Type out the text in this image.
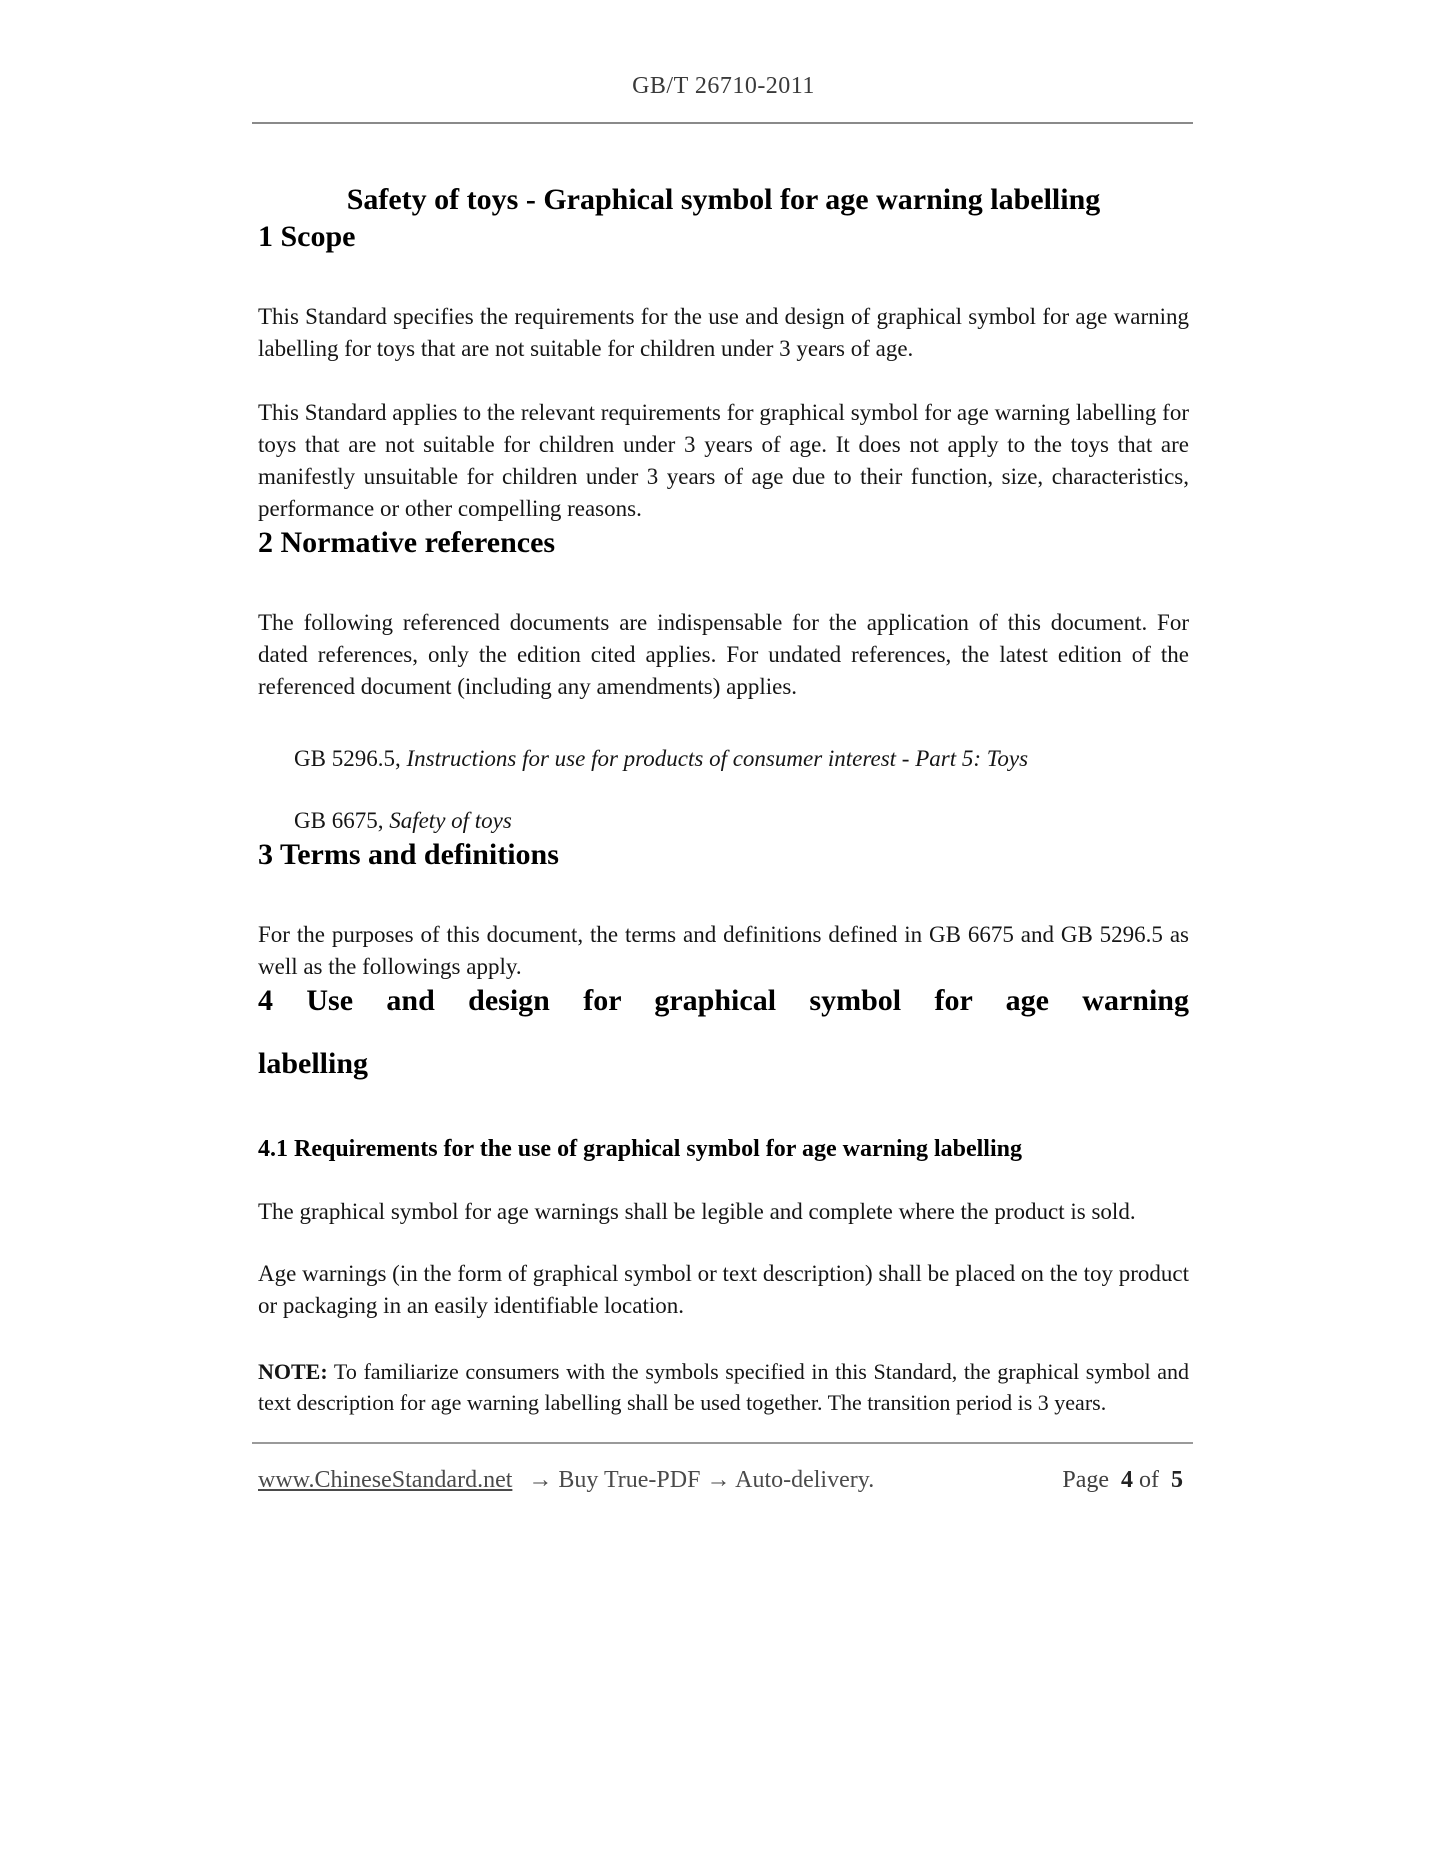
GB/T 26710-2011
Safety of toys - Graphical symbol for age warning labelling
1 Scope

This Standard specifies the requirements for the use and design of graphical symbol for age warning labelling for toys that are not suitable for children under 3 years of age.

This Standard applies to the relevant requirements for graphical symbol for age warning labelling for toys that are not suitable for children under 3 years of age. It does not apply to the toys that are manifestly unsuitable for children under 3 years of age due to their function, size, characteristics, performance or other compelling reasons.

2 Normative references

The following referenced documents are indispensable for the application of this document. For dated references, only the edition cited applies. For undated references, the latest edition of the referenced document (including any amendments) applies.

GB 5296.5, Instructions for use for products of consumer interest - Part 5: Toys

GB 6675, Safety of toys

3 Terms and definitions

For the purposes of this document, the terms and definitions defined in GB 6675 and GB 5296.5 as well as the followings apply.

4 Use and design for graphical symbol for age warning
labelling
4.1 Requirements for the use of graphical symbol for age warning labelling

The graphical symbol for age warnings shall be legible and complete where the product is sold.

Age warnings (in the form of graphical symbol or text description) shall be placed on the toy product or packaging in an easily identifiable location.

NOTE: To familiarize consumers with the symbols specified in this Standard, the graphical symbol and text description for age warning labelling shall be used together. The transition period is 3 years.

www.ChineseStandard.net → Buy True-PDF → Auto-delivery.	Page 4 of 5
